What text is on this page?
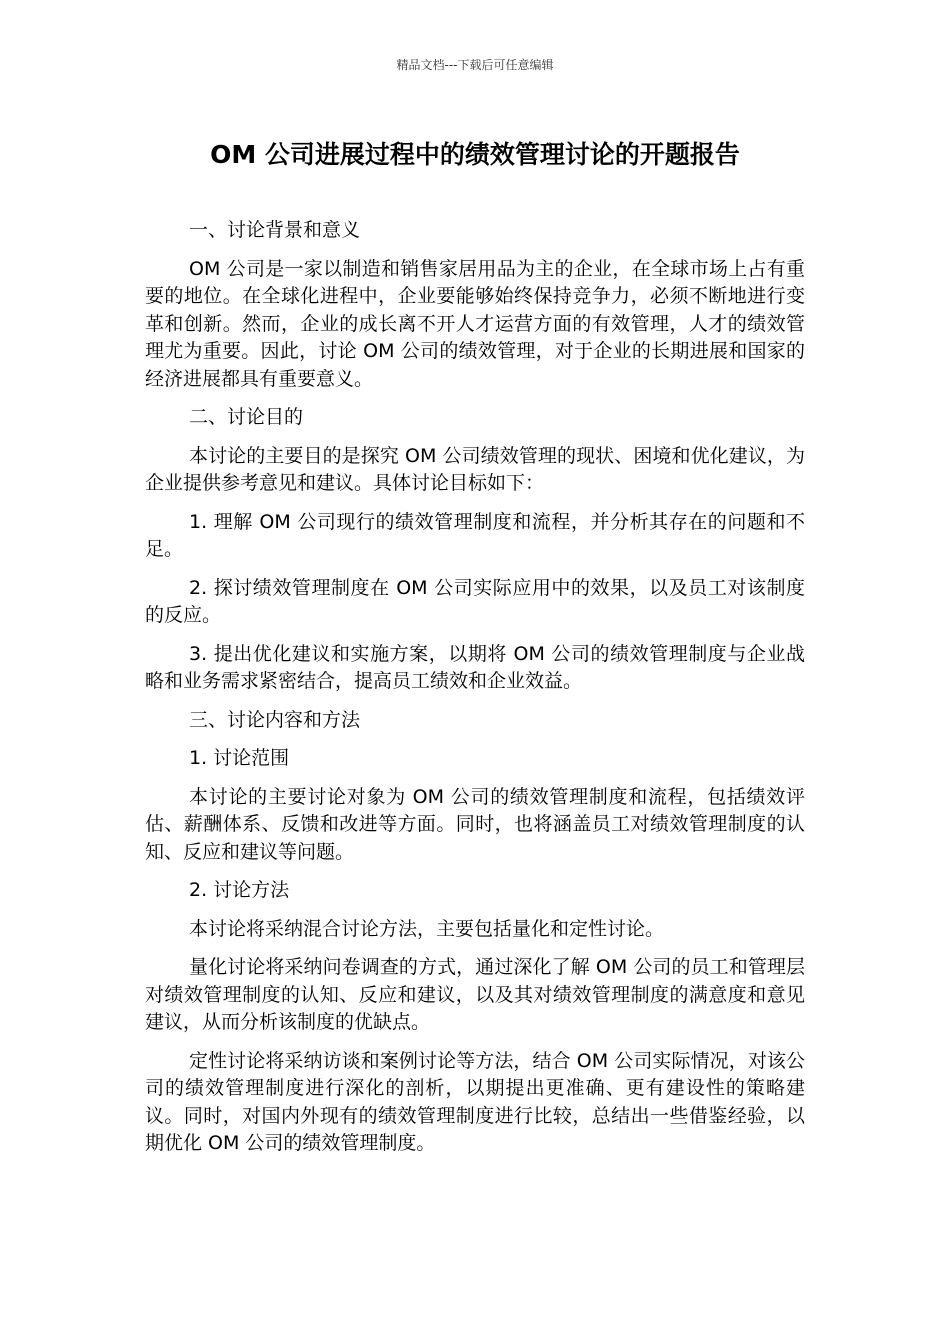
精品文档---下载后可任意编辑
OM 公司进展过程中的绩效管理讨论的开题报告

一、讨论背景和意义

OM 公司是一家以制造和销售家居用品为主的企业，在全球市场上占有重要的地位。在全球化进程中，企业要能够始终保持竞争力，必须不断地进行变革和创新。然而，企业的成长离不开人才运营方面的有效管理，人才的绩效管理尤为重要。因此，讨论 OM 公司的绩效管理，对于企业的长期进展和国家的经济进展都具有重要意义。

二、讨论目的

本讨论的主要目的是探究 OM 公司绩效管理的现状、困境和优化建议，为企业提供参考意见和建议。具体讨论目标如下：

1. 理解 OM 公司现行的绩效管理制度和流程，并分析其存在的问题和不足。

2. 探讨绩效管理制度在 OM 公司实际应用中的效果，以及员工对该制度的反应。

3. 提出优化建议和实施方案，以期将 OM 公司的绩效管理制度与企业战略和业务需求紧密结合，提高员工绩效和企业效益。

三、讨论内容和方法

1. 讨论范围

本讨论的主要讨论对象为 OM 公司的绩效管理制度和流程，包括绩效评估、薪酬体系、反馈和改进等方面。同时，也将涵盖员工对绩效管理制度的认知、反应和建议等问题。

2. 讨论方法

本讨论将采纳混合讨论方法，主要包括量化和定性讨论。

量化讨论将采纳问卷调查的方式，通过深化了解 OM 公司的员工和管理层对绩效管理制度的认知、反应和建议，以及其对绩效管理制度的满意度和意见建议，从而分析该制度的优缺点。

定性讨论将采纳访谈和案例讨论等方法，结合 OM 公司实际情况，对该公司的绩效管理制度进行深化的剖析，以期提出更准确、更有建设性的策略建议。同时，对国内外现有的绩效管理制度进行比较，总结出一些借鉴经验，以期优化 OM 公司的绩效管理制度。
